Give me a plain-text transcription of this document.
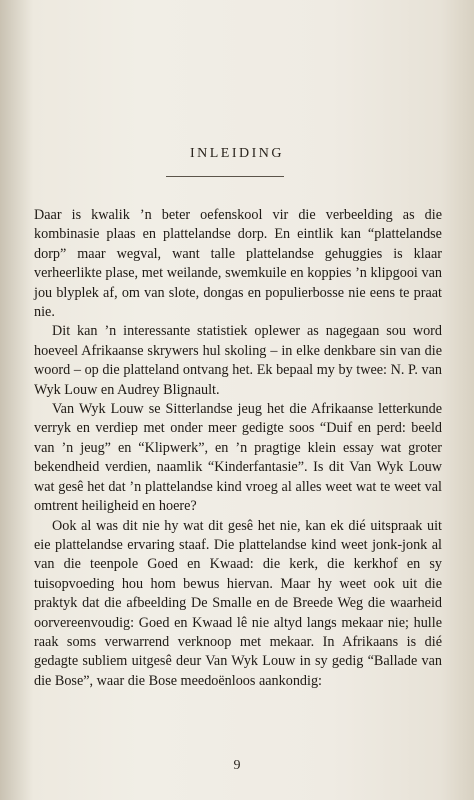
INLEIDING

Daar is kwalik ’n beter oefenskool vir die verbeelding as die kombinasie plaas en plattelandse dorp. En eintlik kan “plattelandse dorp” maar wegval, want talle plattelandse gehuggies is klaar verheerlikte plase, met weilande, swemkuile en koppies ’n klipgooi van jou blyplek af, om van slote, dongas en populierbosse nie eens te praat nie.

Dit kan ’n interessante statistiek oplewer as nagegaan sou word hoeveel Afrikaanse skrywers hul skoling – in elke denkbare sin van die woord – op die platteland ontvang het. Ek bepaal my by twee: N. P. van Wyk Louw en Audrey Blignault.

Van Wyk Louw se Sitterlandse jeug het die Afrikaanse letterkunde verryk en verdiep met onder meer gedigte soos “Duif en perd: beeld van ’n jeug” en “Klipwerk”, en ’n pragtige klein essay wat groter bekendheid verdien, naamlik “Kinderfantasie”. Is dit Van Wyk Louw wat gesê het dat ’n plattelandse kind vroeg al alles weet wat te weet val omtrent heiligheid en hoere?

Ook al was dit nie hy wat dit gesê het nie, kan ek dié uitspraak uit eie plattelandse ervaring staaf. Die plattelandse kind weet jonk-jonk al van die teenpole Goed en Kwaad: die kerk, die kerkhof en sy tuisopvoeding hou hom bewus hiervan. Maar hy weet ook uit die praktyk dat die afbeelding De Smalle en de Breede Weg die waarheid oorvereenvoudig: Goed en Kwaad lê nie altyd langs mekaar nie; hulle raak soms verwarrend verknoop met mekaar. In Afrikaans is dié gedagte subliem uitgesê deur Van Wyk Louw in sy gedig “Ballade van die Bose”, waar die Bose meedoënloos aankondig:

9
